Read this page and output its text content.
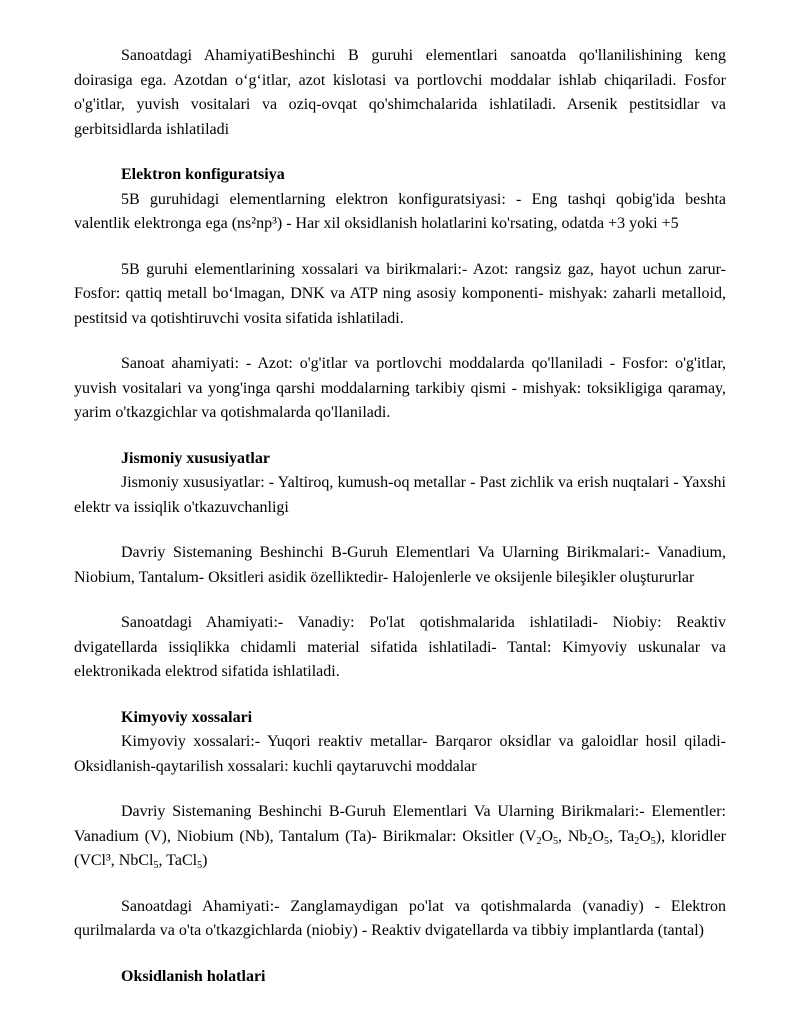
Sanoatdagi AhamiyatiBeshinchi B guruhi elementlari sanoatda qo'llanilishining keng doirasiga ega. Azotdan o‘g‘itlar, azot kislotasi va portlovchi moddalar ishlab chiqariladi. Fosfor o'g'itlar, yuvish vositalari va oziq-ovqat qo'shimchalarida ishlatiladi. Arsenik pestitsidlar va gerbitsidlarda ishlatiladi

Elektron konfiguratsiya

5B guruhidagi elementlarning elektron konfiguratsiyasi: - Eng tashqi qobig'ida beshta valentlik elektronga ega (ns²np³) - Har xil oksidlanish holatlarini ko'rsating, odatda +3 yoki +5

5B guruhi elementlarining xossalari va birikmalari:- Azot: rangsiz gaz, hayot uchun zarur- Fosfor: qattiq metall bo‘lmagan, DNK va ATP ning asosiy komponenti- mishyak: zaharli metalloid, pestitsid va qotishtiruvchi vosita sifatida ishlatiladi.

Sanoat ahamiyati: - Azot: o'g'itlar va portlovchi moddalarda qo'llaniladi - Fosfor: o'g'itlar, yuvish vositalari va yong'inga qarshi moddalarning tarkibiy qismi - mishyak: toksikligiga qaramay, yarim o'tkazgichlar va qotishmalarda qo'llaniladi.

Jismoniy xususiyatlar

Jismoniy xususiyatlar: - Yaltiroq, kumush-oq metallar - Past zichlik va erish nuqtalari - Yaxshi elektr va issiqlik o'tkazuvchanligi

Davriy Sistemaning Beshinchi B-Guruh Elementlari Va Ularning Birikmalari:- Vanadium, Niobium, Tantalum- Oksitleri asidik özelliktedir- Halojenlerle ve oksijenle bileşikler oluştururlar

Sanoatdagi Ahamiyati:- Vanadiy: Po'lat qotishmalarida ishlatiladi- Niobiy: Reaktiv dvigatellarda issiqlikka chidamli material sifatida ishlatiladi- Tantal: Kimyoviy uskunalar va elektronikada elektrod sifatida ishlatiladi.

Kimyoviy xossalari

Kimyoviy xossalari:- Yuqori reaktiv metallar- Barqaror oksidlar va galoidlar hosil qiladi- Oksidlanish-qaytarilish xossalari: kuchli qaytaruvchi moddalar

Davriy Sistemaning Beshinchi B-Guruh Elementlari Va Ularning Birikmalari:- Elementler: Vanadium (V), Niobium (Nb), Tantalum (Ta)- Birikmalar: Oksitler ($V_2O_5$, $Nb_2O_5$, $Ta_2O_5$), kloridler (VCl³, NbCl$_5$, TaCl$_5$)

Sanoatdagi Ahamiyati:- Zanglamaydigan po'lat va qotishmalarda (vanadiy) - Elektron qurilmalarda va o'ta o'tkazgichlarda (niobiy) - Reaktiv dvigatellarda va tibbiy implantlarda (tantal)

Oksidlanish holatlari
